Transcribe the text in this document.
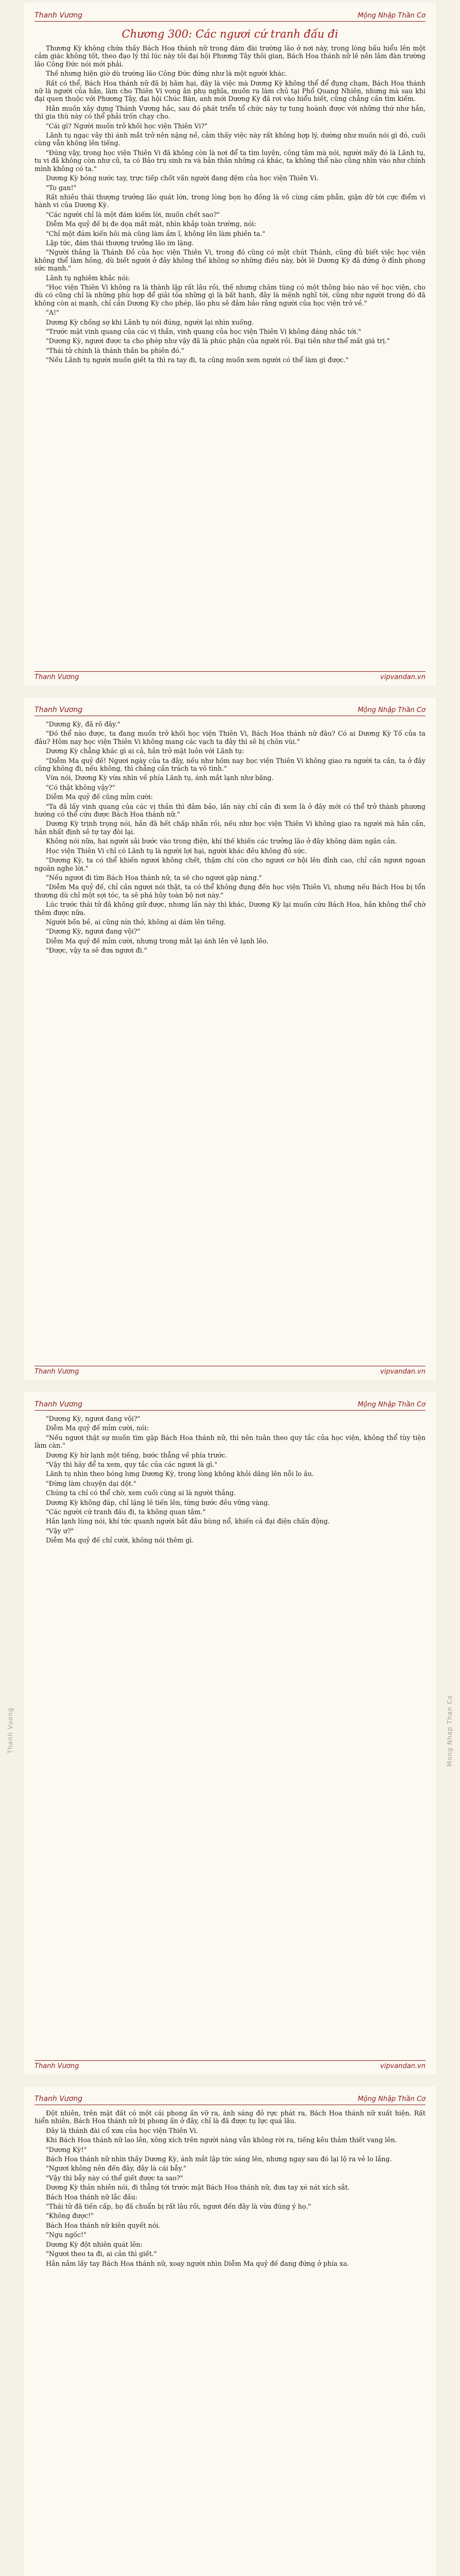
Thanh Vuong	Mong Nhap Than Co
Thanh Vương	Mộng Nhập Thần Cơ
Chương 300: Các ngươi cứ tranh đấu đi

Thương Kỳ không chứa thấy Bách Hoa thánh nữ trong đám đài trường lão ở nơi này, trong lòng bấu hiểu lên một cảm giác không tốt, theo đạo lý thì lúc này tôi đại hội Phương Tây thôi gian, Bách Hoa thánh nữ lẽ nên lâm đàn trường lão Công Đức nói mới phải.

Thế nhưng hiện giờ dù trường lão Công Đức đứng như là một người khác.

Rất có thể, Bách Hoa thánh nữ đã bị hãm hại, đây là việc mà Dương Kỳ không thể để đụng chạm, Bách Hoa thánh nữ là người của hắn, làm cho Thiên Vi vong ân phụ nghĩa, muốn ra làm chủ tại Phổ Quang Nhiên, nhưng mà sau khi đại quen thuộc với Phương Tây, đại hội Chúc Bàn, anh mới Dương Kỳ đã rơi vào hiểu biết, cũng chẳng cần tìm kiếm.

Hắn muốn xây dựng Thánh Vương hắc, sau đó phát triển tổ chức này tự tung hoành được với những thứ như hắn, thì gia thù này có thể phải trốn chạy cho.

"Cái gì? Người muốn trở khối học viện Thiên Vi?"

Lãnh tụ ngạc vây thì ánh mắt trở nên nặng nề, cảm thấy việc này rất không hợp lý, dường như muốn nói gì đó, cuối cùng vẫn không lên tiếng.

"Đúng vậy, trong học viện Thiên Vi đã không còn là nơi để ta tìm luyện, công tâm mà nói, người mấy đó là Lãnh tụ, tu vi đã không còn như cũ, ta có Bảo trụ sinh ra và bản thân những cá khác, ta không thể nào cũng nhìn vào như chính mình không có ta."

Dương Kỳ bóng nước tay, trực tiếp chốt vấn người đang đệm của học viện Thiên Vi.

"To gan!"

Rất nhiều thái thượng trưởng lão quát lớn, trong lòng bọn họ đồng là vô cùng căm phẫn, giận dữ tới cực điểm vì hành vi của Dương Kỳ.

"Các người chỉ là một đám kiếm lời, muốn chết sao?"

Diễm Ma quỷ đế bị đe dọa mất mặt, nhìn khắp toàn trường, nói:

"Chỉ một đám kiến hôi mà cũng làm ầm ĩ, không lên làm phiền ta."

Lập tức, đám thái thượng trưởng lão im lặng.

"Người thắng là Thánh Đồ của học viện Thiên Vi, trong đó cũng có một chút Thánh, cũng đủ biết việc học viện không thể làm hỏng, dù biết người ở đây không thể không sợ những điều này, bởi lẽ Dương Kỳ đã đứng ở đỉnh phong sức mạnh."

Lãnh tụ nghiêm khắc nói:

"Học viện Thiên Vi không ra là thành lập rất lâu rồi, thế nhưng chăm tùng có một thông báo nào về học viện, cho dù có cũng chỉ là những phù hợp để giải tỏa những gì là bất hạnh, đây là mệnh nghĩ tới, cũng như người trong đó đã không còn ai mạnh, chỉ cần Dương Kỳ cho phép, lão phu sẽ đảm bảo rằng người của học viện trở về."

"A!"

Dương Kỳ chống sợ khi Lãnh tụ nói đúng, người lại nhìn xuống.

"Trước mặt vinh quang của các vị thần, vinh quang của học viện Thiên Vi không đáng nhắc tới."

"Dương Kỳ, ngươi được ta cho phép như vậy đã là phúc phận của người rồi. Đại tiền như thể mất giá trị."

"Thái tử chính là thánh thần ba phiên đó."

"Nếu Lãnh tụ người muốn giết ta thì ra tay đi, ta cũng muốn xem người có thể làm gì được."

Thanh Vương	vipvandan.vn
Thanh Vương	Mộng Nhập Thần Cơ

"Dương Kỳ, đã rõ đây."

"Đó thể nào được, ta đang muốn trở khối học viện Thiên Vi, Bách Hoa thánh nữ đâu? Có ai Dương Kỳ Tố của ta đâu? Hôm nay học viện Thiên Vi không mang các vạch ta đây thì sẽ bị chôn vùi."

Dương Kỳ chẳng khác gì ai cả, hắn trở mặt luôn với Lãnh tụ:

"Diễm Ma quỷ đế! Ngươi ngày của ta đây, nếu như hôm nay học viện Thiên Vi không giao ra người ta cần, ta ở đây cũng không đi, nếu không, thì chẳng cần trách ta vô tình."

Vừa nói, Dương Kỳ vừa nhìn về phía Lãnh tụ, ánh mắt lạnh như băng.

"Có thật không vậy?"

Diễm Ma quỷ đế cũng mỉm cười:

"Ta đã lấy vinh quang của các vị thần thì đảm bảo, lần này chỉ cần đi xem là ở đây mới có thể trở thành phương hướng có thể cứu được Bách Hoa thánh nữ."

Dương Kỳ trịnh trọng nói, hắn đã hết chấp nhẫn rồi, nếu như học viện Thiên Vi không giao ra người mà hắn cần, hắn nhất định sẽ tự tay đòi lại.

Không nói nữa, hai người sải bước vào trong điện, khí thế khiến các trưởng lão ở đây không dám ngăn cản.

Học viện Thiên Vi chỉ có Lãnh tụ là người lợi hại, người khác đều không đủ sức.

"Dương Kỳ, ta có thể khiến ngươi không chết, thậm chí còn cho ngươi cơ hội lên đỉnh cao, chỉ cần ngươi ngoan ngoãn nghe lời."

"Nếu ngươi đi tìm Bách Hoa thánh nữ, ta sẽ cho ngươi gặp nàng."

"Diễm Ma quỷ đế, chỉ cần ngươi nói thật, ta có thể không đụng đến học viện Thiên Vi, nhưng nếu Bách Hoa bị tổn thương dù chỉ một sợi tóc, ta sẽ phá hủy toàn bộ nơi này."

Lúc trước thái tử đã không giữ được, nhưng lần này thì khác, Dương Kỳ lại muốn cứu Bách Hoa, hắn không thể chờ thêm được nữa.

Người bốn bề, ai cũng nín thở, không ai dám lên tiếng.

"Dương Kỳ, ngươi đang vội?"

Diễm Ma quỷ đế mỉm cười, nhưng trong mắt lại ánh lên vẻ lạnh lẽo.

"Được, vậy ta sẽ đưa ngươi đi."

Thanh Vương	vipvandan.vn
Thanh Vương	Mộng Nhập Thần Cơ

"Dương Kỳ, ngươi đang vội?"

Diễm Ma quỷ đế mỉm cười, nói:

"Nếu ngươi thật sự muốn tìm gặp Bách Hoa thánh nữ, thì nên tuân theo quy tắc của học viện, không thể tùy tiện làm càn."

Dương Kỳ hừ lạnh một tiếng, bước thẳng về phía trước.

"Vậy thì hãy để ta xem, quy tắc của các ngươi là gì."

Lãnh tụ nhìn theo bóng lưng Dương Kỳ, trong lòng không khỏi dâng lên nỗi lo âu.

"Đừng làm chuyện dại dột."

Chúng ta chỉ có thể chờ, xem cuối cùng ai là người thắng.

Dương Kỳ không đáp, chỉ lặng lẽ tiến lên, từng bước đều vững vàng.

"Các người cứ tranh đấu đi, ta không quan tâm."

Hắn lạnh lùng nói, khí tức quanh người bắt đầu bùng nổ, khiến cả đại điện chấn động.

"Vậy ư?"

Diễm Ma quỷ đế chỉ cười, không nói thêm gì.

Thanh Vương	vipvandan.vn
Thanh Vương	Mộng Nhập Thần Cơ

Đột nhiên, trên mặt đất có một cái phong ấn vỡ ra, ánh sáng đỏ rực phát ra, Bách Hoa thánh nữ xuất hiện. Rất hiển nhiên, Bách Hoa thánh nữ bị phong ấn ở đây, chỉ là đã được tụ lực quá lâu.

Đây là thánh đài cổ xưa của học viện Thiên Vi.

Khi Bách Hoa thánh nữ lao lên, xông xích trên người nàng vẫn không rời ra, tiếng kêu thảm thiết vang lên.

"Dương Kỳ!"

Bách Hoa thánh nữ nhìn thấy Dương Kỳ, ánh mắt lập tức sáng lên, nhưng ngay sau đó lại lộ ra vẻ lo lắng.

"Ngươi không nên đến đây, đây là cái bẫy."

"Vậy thì bẫy này có thể giết được ta sao?"

Dương Kỳ thản nhiên nói, đi thẳng tới trước mặt Bách Hoa thánh nữ, đưa tay xé nát xích sắt.

Bách Hoa thánh nữ lắc đầu:

"Thái tử đã tiến cấp, họ đã chuẩn bị rất lâu rồi, ngươi đến đây là vừa đúng ý họ."

"Không được!"

Bách Hoa thánh nữ kiên quyết nói.

"Ngu ngốc!"

Dương Kỳ đột nhiên quát lên:

"Ngươi theo ta đi, ai cản thì giết."

Hắn nắm lấy tay Bách Hoa thánh nữ, xoay người nhìn Diễm Ma quỷ đế đang đứng ở phía xa.
